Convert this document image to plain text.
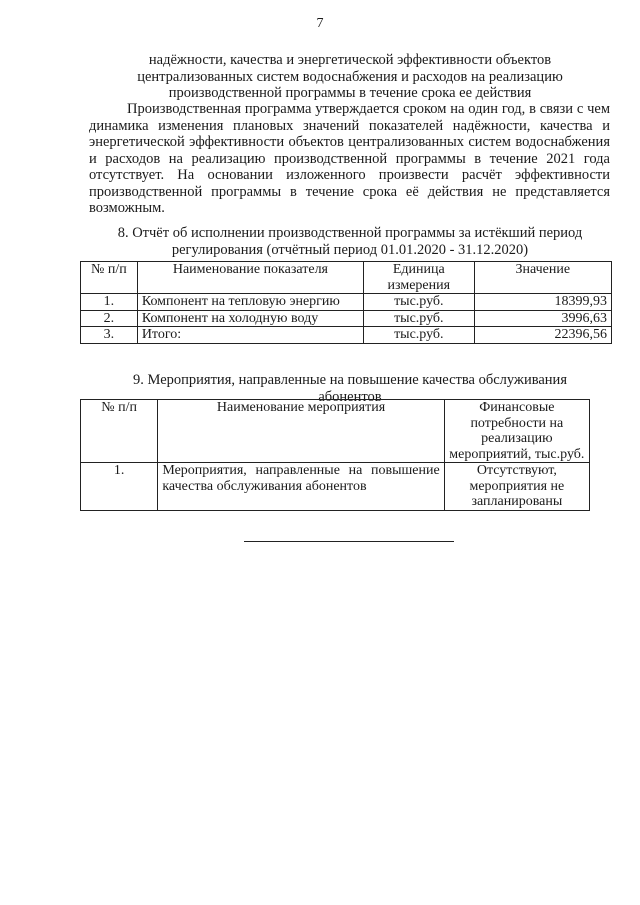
7
надёжности, качества и энергетической эффективности объектов
централизованных систем водоснабжения и расходов на реализацию
производственной программы в течение срока ее действия
Производственная программа утверждается сроком на один год, в связи с чем динамика изменения плановых значений показателей надёжности, качества и энергетической эффективности объектов централизованных систем водоснабжения и расходов на реализацию производственной программы в течение 2021 года отсутствует. На основании изложенного произвести расчёт эффективности производственной программы в течение срока её действия не представляется возможным.
8. Отчёт об исполнении производственной программы за истёкший период
регулирования (отчётный период 01.01.2020 - 31.12.2020)
№ п/п	Наименование показателя	Единица измерения	Значение
1.	Компонент на тепловую энергию	тыс.руб.	18399,93
2.	Компонент на холодную воду	тыс.руб.	3996,63
3.	Итого:	тыс.руб.	22396,56
9. Мероприятия, направленные на повышение качества обслуживания
абонентов
№ п/п	Наименование мероприятия	Финансовые потребности на реализацию мероприятий, тыс.руб.
1.	Мероприятия, направленные на повышение качества обслуживания абонентов	Отсутствуют, мероприятия не запланированы
